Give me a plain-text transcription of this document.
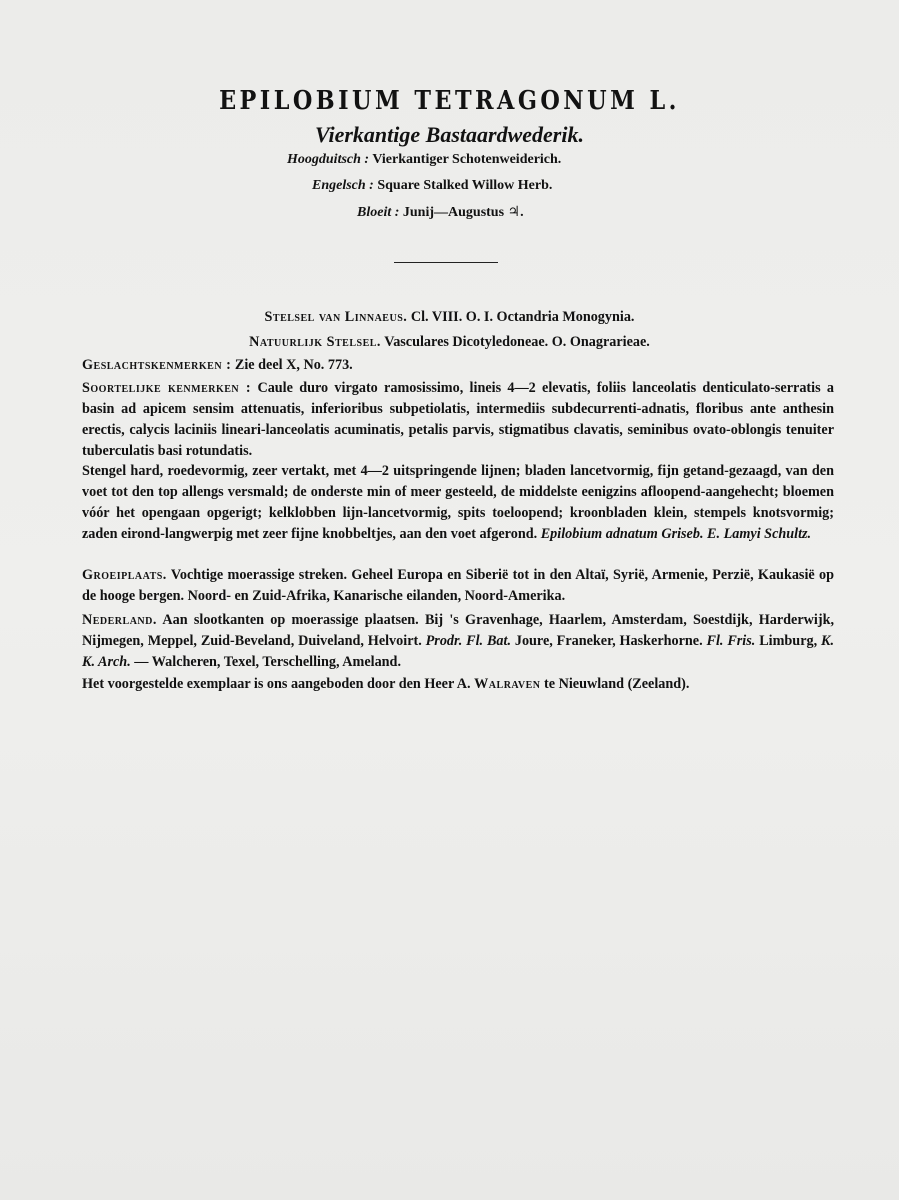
EPILOBIUM TETRAGONUM L.
Vierkantige Bastaardwederik.
Hoogduitsch : Vierkantiger Schotenweiderich.
Engelsch : Square Stalked Willow Herb.
Bloeit : Junij—Augustus ♃.
Stelsel van Linnaeus. Cl. VIII. O. I. Octandria Monogynia.
Natuurlijk Stelsel. Vasculares Dicotyledoneae. O. Onagrarieae.
Geslachtskenmerken : Zie deel X, No. 773.
Soortelijke kenmerken : Caule duro virgato ramosissimo, lineis 4—2 elevatis, foliis lanceolatis denticulato-serratis a basin ad apicem sensim attenuatis, inferioribus subpetiolatis, intermediis subdecurrenti-adnatis, floribus ante anthesin erectis, calycis laciniis lineari-lanceolatis acuminatis, petalis parvis, stigmatibus clavatis, seminibus ovato-oblongis tenuiter tuberculatis basi rotundatis.
Stengel hard, roedevormig, zeer vertakt, met 4—2 uitspringende lijnen; bladen lancetvormig, fijn getand-gezaagd, van den voet tot den top allengs versmald; de onderste min of meer gesteeld, de middelste eenigzins afloopend-aangehecht; bloemen vóór het opengaan opgerigt; kelklobben lijn-lancetvormig, spits toeloopend; kroonbladen klein, stempels knotsvormig; zaden eirond-langwerpig met zeer fijne knobbeltjes, aan den voet afgerond. Epilobium adnatum Griseb. E. Lamyi Schultz.
Groeiplaats. Vochtige moerassige streken. Geheel Europa en Siberië tot in den Altaï, Syrië, Armenie, Perzië, Kaukasië op de hooge bergen. Noord- en Zuid-Afrika, Kanarische eilanden, Noord-Amerika.
Nederland. Aan slootkanten op moerassige plaatsen. Bij 's Gravenhage, Haarlem, Amsterdam, Soestdijk, Harderwijk, Nijmegen, Meppel, Zuid-Beveland, Duiveland, Helvoirt. Prodr. Fl. Bat. Joure, Franeker, Haskerhorne. Fl. Fris. Limburg, K. K. Arch. — Walcheren, Texel, Terschelling, Ameland.
Het voorgestelde exemplaar is ons aangeboden door den Heer A. Walraven te Nieuwland (Zeeland).
